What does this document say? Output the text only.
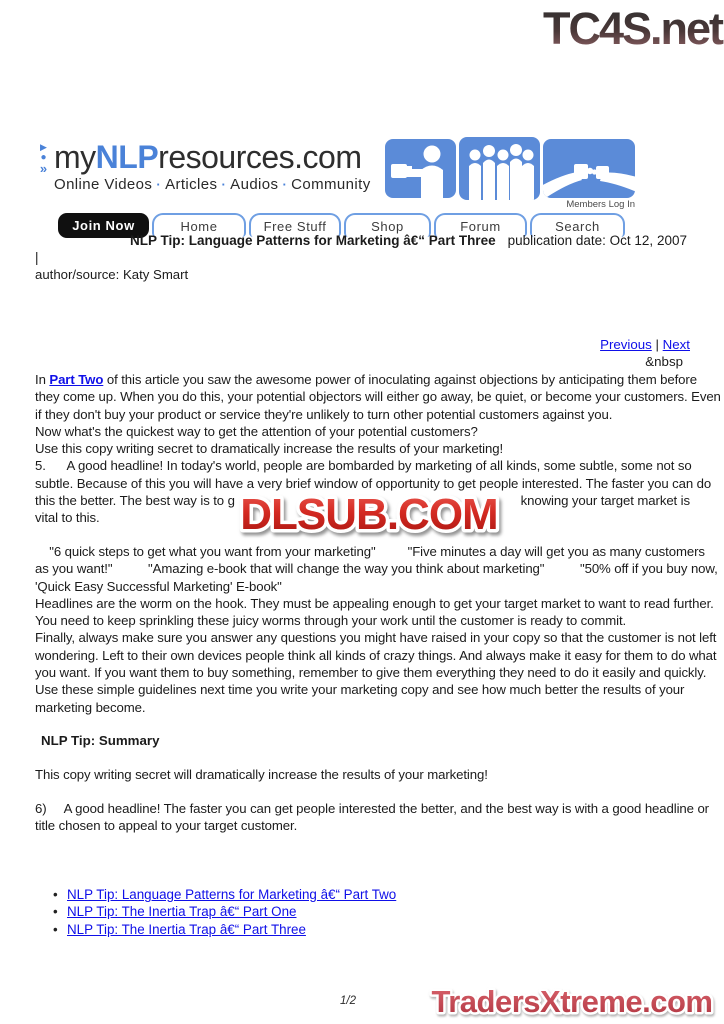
TC4S.net
▶
●
» myNLPresources.com
Online Videos · Articles · Audios · Community
Members Log In
Join Now	Home	Free Stuff	Shop	Forum	Search
NLP Tip: Language Patterns for Marketing â€“ Part Three publication date: Oct 12, 2007
|
author/source: Katy Smart
Previous | Next
&nbsp
In Part Two of this article you saw the awesome power of inoculating against objections by anticipating them before
they come up. When you do this, your potential objectors will either go away, be quiet, or become your customers. Even
if they don't buy your product or service they're unlikely to turn other potential customers against you.
Now what's the quickest way to get the attention of your potential customers?
Use this copy writing secret to dramatically increase the results of your marketing!
5.      A good headline! In today's world, people are bombarded by marketing of all kinds, some subtle, some not so
subtle. Because of this you will have a very brief window of opportunity to get people interested. The faster you can do
this the better. The best way is to g	knowing your target market is
vital to this.
"6 quick steps to get what you want from your marketing"         "Five minutes a day will get you as many customers
as you want!"          "Amazing e-book that will change the way you think about marketing"          "50% off if you buy now,
'Quick Easy Successful Marketing' E-book"
Headlines are the worm on the hook. They must be appealing enough to get your target market to want to read further.
You need to keep sprinkling these juicy worms through your work until the customer is ready to commit.
Finally, always make sure you answer any questions you might have raised in your copy so that the customer is not left
wondering. Left to their own devices people think all kinds of crazy things. And always make it easy for them to do what
you want. If you want them to buy something, remember to give them everything they need to do it easily and quickly.
Use these simple guidelines next time you write your marketing copy and see how much better the results of your
marketing become.
NLP Tip: Summary
This copy writing secret will dramatically increase the results of your marketing!
6)     A good headline! The faster you can get people interested the better, and the best way is with a good headline or
title chosen to appeal to your target customer.
• NLP Tip: Language Patterns for Marketing â€“ Part Two
• NLP Tip: The Inertia Trap â€“ Part One
• NLP Tip: The Inertia Trap â€“ Part Three
DLSUB.COM
1/2 TradersXtreme.com
